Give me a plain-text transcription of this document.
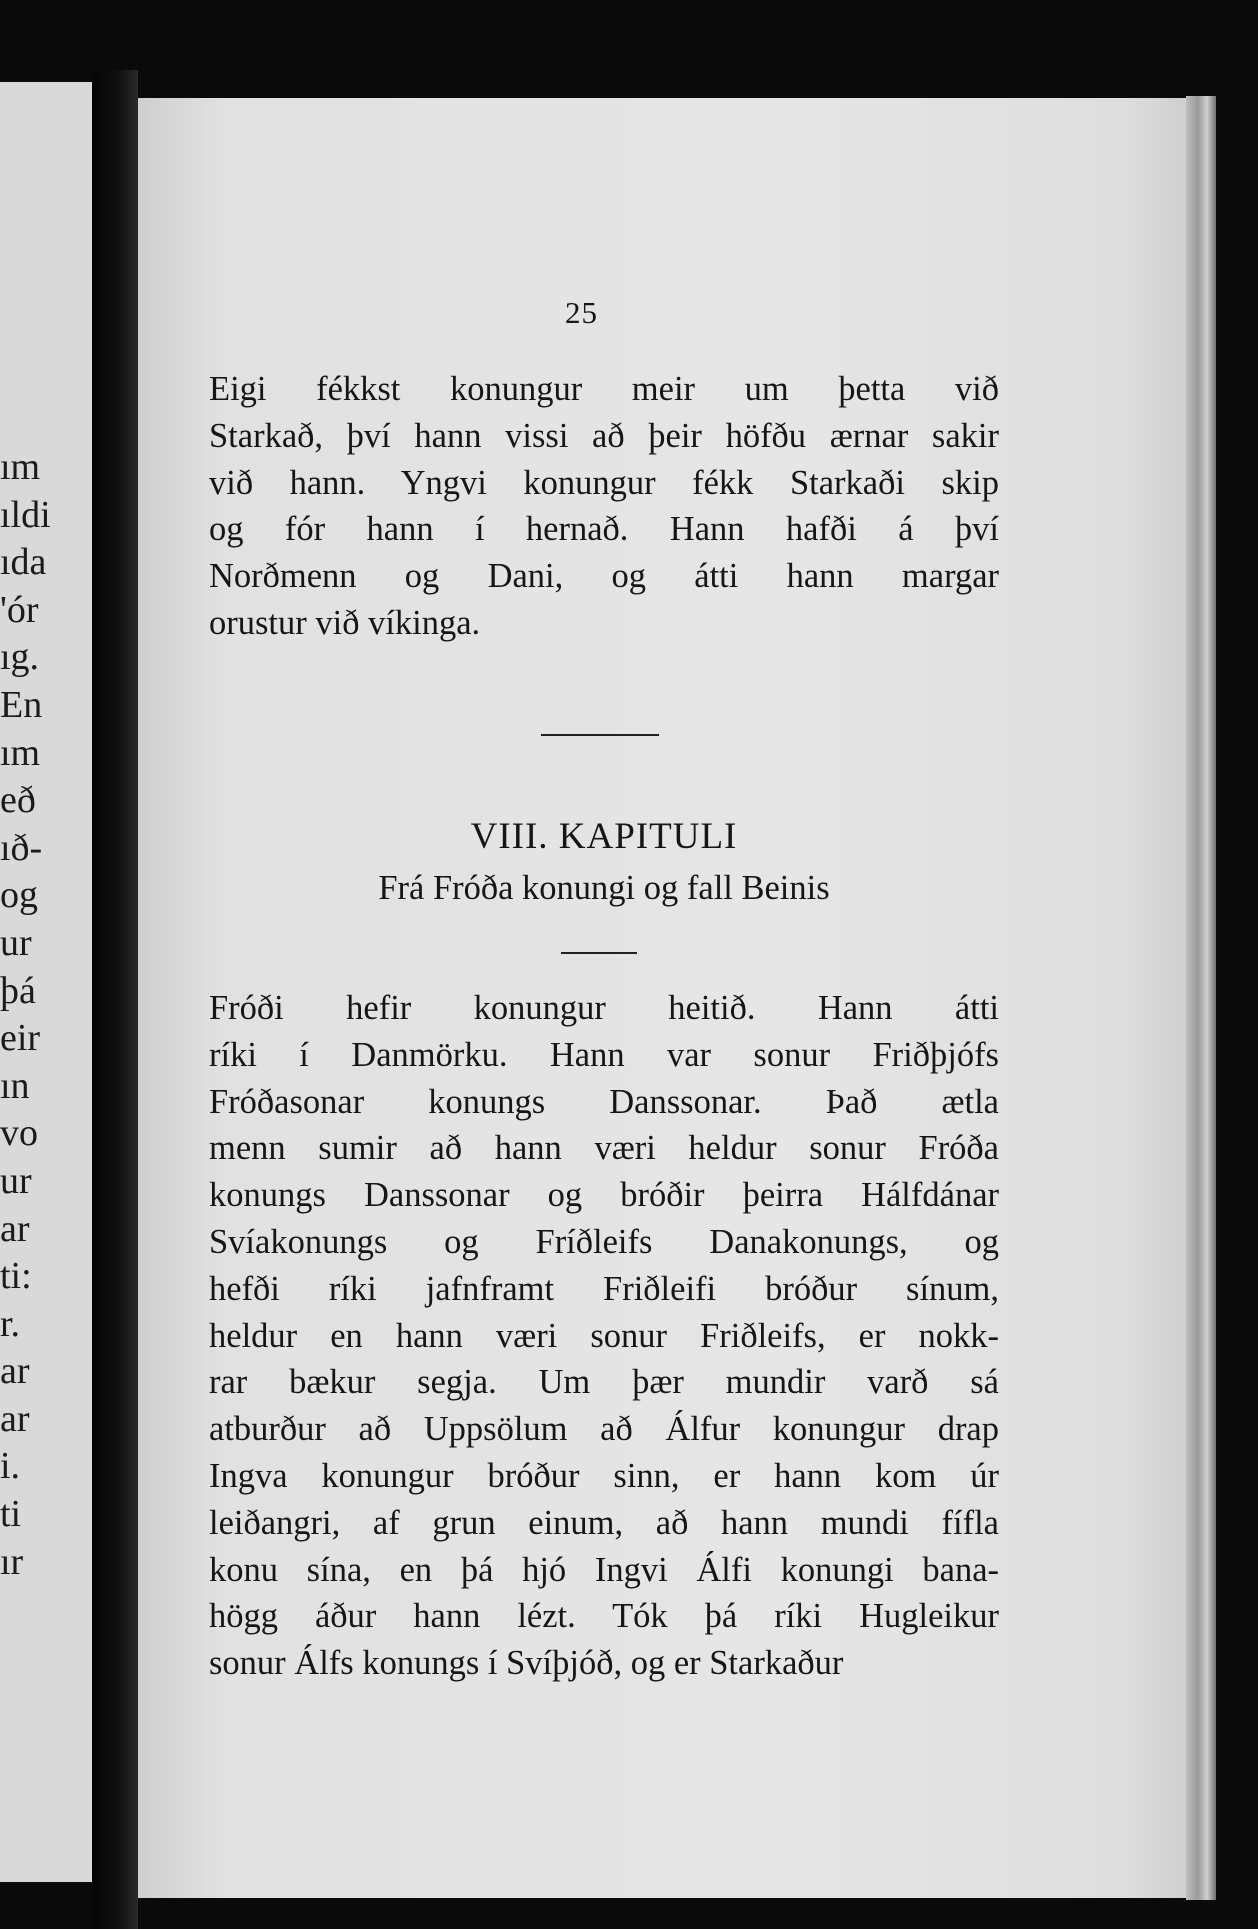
ım
ıldi
ıda
'ór
ıg.
En
ım
eð
ıð-
og
ur
þá
eir
ın
vo
ur
ar
ti:
r.
ar
ar
i.
ti
ır
25
Eigi fékkst konungur meir um þetta við
Starkað, því hann vissi að þeir höfðu ærnar sakir
við hann. Yngvi konungur fékk Starkaði skip
og fór hann í hernað. Hann hafði á því
Norðmenn og Dani, og átti hann margar
orustur við víkinga.
VIII. KAPITULI
Frá Fróða konungi og fall Beinis
Fróði hefir konungur heitið. Hann átti
ríki í Danmörku. Hann var sonur Friðþjófs
Fróðasonar konungs Danssonar. Það ætla
menn sumir að hann væri heldur sonur Fróða
konungs Danssonar og bróðir þeirra Hálfdánar
Svíakonungs og Fríðleifs Danakonungs, og
hefði ríki jafnframt Friðleifi bróður sínum,
heldur en hann væri sonur Friðleifs, er nokk-
rar bækur segja. Um þær mundir varð sá
atburður að Uppsölum að Álfur konungur drap
Ingva konungur bróður sinn, er hann kom úr
leiðangri, af grun einum, að hann mundi fífla
konu sína, en þá hjó Ingvi Álfi konungi bana-
högg áður hann lézt. Tók þá ríki Hugleikur
sonur Álfs konungs í Svíþjóð, og er Starkaður
